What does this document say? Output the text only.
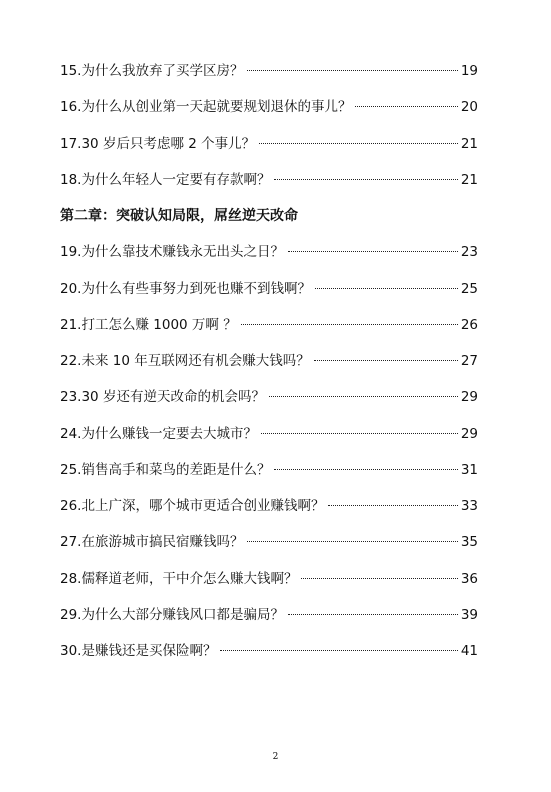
15.为什么我放弃了买学区房？	19
16.为什么从创业第一天起就要规划退休的事儿？	20
17.30 岁后只考虑哪 2 个事儿？	21
18.为什么年轻人一定要有存款啊？	21
第二章：突破认知局限，屌丝逆天改命
19.为什么靠技术赚钱永无出头之日？	23
20.为什么有些事努力到死也赚不到钱啊？	25
21.打工怎么赚 1000 万啊 ？	26
22.未来 10 年互联网还有机会赚大钱吗？	27
23.30 岁还有逆天改命的机会吗？	29
24.为什么赚钱一定要去大城市？	29
25.销售高手和菜鸟的差距是什么？	31
26.北上广深，哪个城市更适合创业赚钱啊？	33
27.在旅游城市搞民宿赚钱吗？	35
28.儒释道老师，干中介怎么赚大钱啊？	36
29.为什么大部分赚钱风口都是骗局？	39
30.是赚钱还是买保险啊？	41
2
